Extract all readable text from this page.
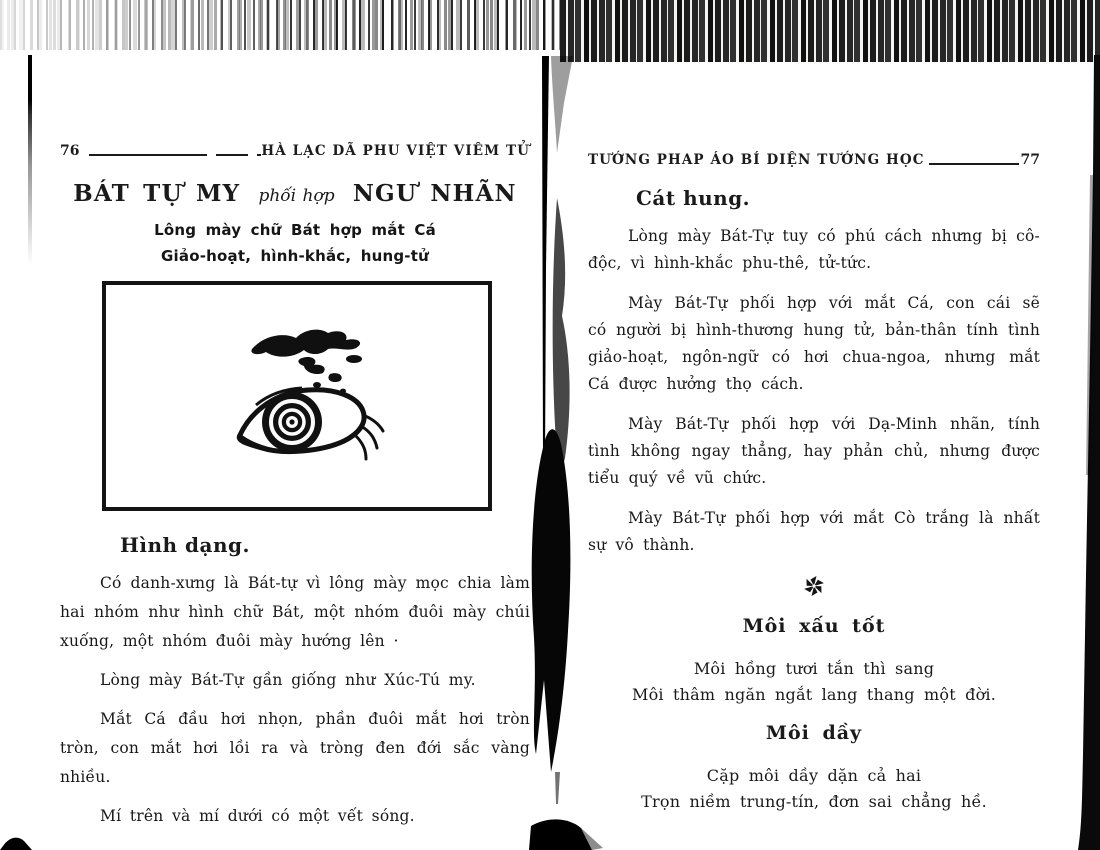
76	HÀ LẠC DÃ PHU VIỆT VIÊM TỬ
BÁT TỰ MY phối hợp NGƯ NHÃN
Lông mày chữ Bát hợp mắt Cá
Giảo-hoạt, hình-khắc, hung-tử
Hình dạng.

Có danh-xưng là Bát-tự vì lông mày mọc chia làm hai nhóm như hình chữ Bát, một nhóm đuôi mày chúi xuống, một nhóm đuôi mày hướng lên ·

Lòng mày Bát-Tự gần giống như Xúc-Tú my.

Mắt Cá đầu hơi nhọn, phần đuôi mắt hơi tròn tròn, con mắt hơi lồi ra và tròng đen đới sắc vàng nhiều.

Mí trên và mí dưới có một vết sóng.

TƯỚNG PHAP ÁO BÍ DIỆN TƯỚNG HỌC	77
Cát hung.

Lòng mày Bát-Tự tuy có phú cách nhưng bị cô-độc, vì hình-khắc phu-thê, tử-tức.

Mày Bát-Tự phối hợp với mắt Cá, con cái sẽ có người bị hình-thương hung tử, bản-thân tính tình giảo-hoạt, ngôn-ngữ có hơi chua-ngoa, nhưng mắt Cá được hưởng thọ cách.

Mày Bát-Tự phối hợp với Dạ-Minh nhãn, tính tình không ngay thẳng, hay phản chủ, nhưng được tiểu quý về vũ chức.

Mày Bát-Tự phối hợp với mắt Cò trắng là nhất sự vô thành.

Môi xấu tốt
Môi hồng tươi tắn thì sang
Môi thâm ngăn ngắt lang thang một đời.
Môi dầy
Cặp môi dầy dặn cả hai
Trọn niềm trung-tín, đơn sai chẳng hề.
